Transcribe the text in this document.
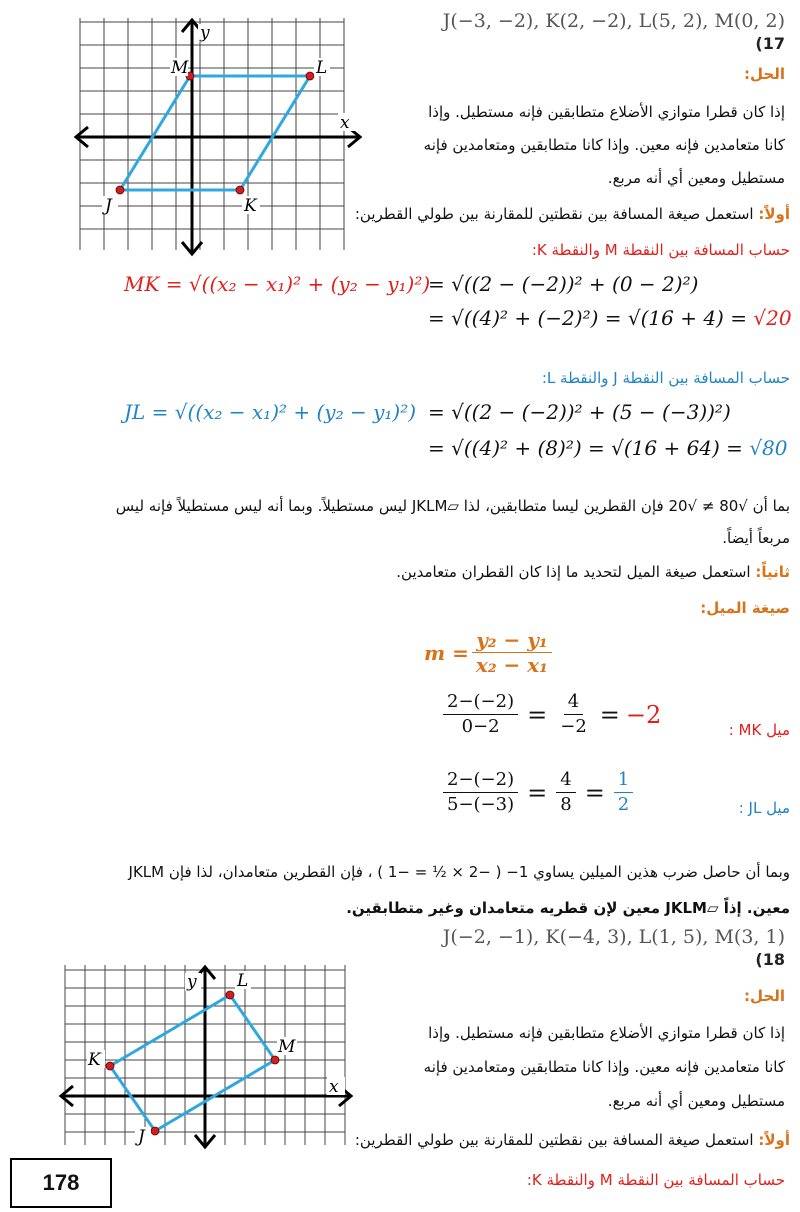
y
x
M	L
J	K
J(−3, −2), K(2, −2), L(5, 2), M(0, 2) (17
الحل:
إذا كان قطرا متوازي الأضلاع متطابقين فإنه مستطيل. وإذا
كانا متعامدين فإنه معين. وإذا كانا متطابقين ومتعامدين فإنه
مستطيل ومعين أي أنه مربع.
أولاً: استعمل صيغة المسافة بين نقطتين للمقارنة بين طولي القطرين:
حساب المسافة بين النقطة M والنقطة K:
MK = √((x₂ − x₁)² + (y₂ − y₁)²)
= √((2 − (−2))² + (0 − 2)²)
= √((4)² + (−2)²) = √(16 + 4) = √20
حساب المسافة بين النقطة J والنقطة L:
JL = √((x₂ − x₁)² + (y₂ − y₁)²) = √((2 − (−2))² + (5 − (−3))²)
= √((4)² + (8)²) = √(16 + 64) = √80
بما أن √80 ≠ √20 فإن القطرين ليسا متطابقين، لذا ▱JKLM ليس مستطيلاً. وبما أنه ليس مستطيلاً فإنه ليس
مربعاً أيضاً.
ثانياً: استعمل صيغة الميل لتحديد ما إذا كان القطران متعامدين.
صيغة الميل:
$m = \frac{\text{y₂ − y₁}}{\text{x₂ − x₁}}$
$\frac{2-(-2)}{0-2} = \frac{4}{-2} = -2$
ميل MK :
$\frac{2-(-2)}{5-(-3)} = \frac{4}{8} = \frac{1}{2}$	ميل JL :
وبما أن حاصل ضرب هذين الميلين يساوي 1− ( −2 × ½ = −1 ) ، فإن القطرين متعامدان، لذا فإن JKLM
معين. إذاً ▱JKLM معين لإن قطريه متعامدان وغير متطابقين.
J(−2, −1), K(−4, 3), L(1, 5), M(3, 1) (18
y
x
L
K
M
J
الحل:
إذا كان قطرا متوازي الأضلاع متطابقين فإنه مستطيل. وإذا
كانا متعامدين فإنه معين. وإذا كانا متطابقين ومتعامدين فإنه
مستطيل ومعين أي أنه مربع.
أولاً: استعمل صيغة المسافة بين نقطتين للمقارنة بين طولي القطرين:
حساب المسافة بين النقطة M والنقطة K:
178
